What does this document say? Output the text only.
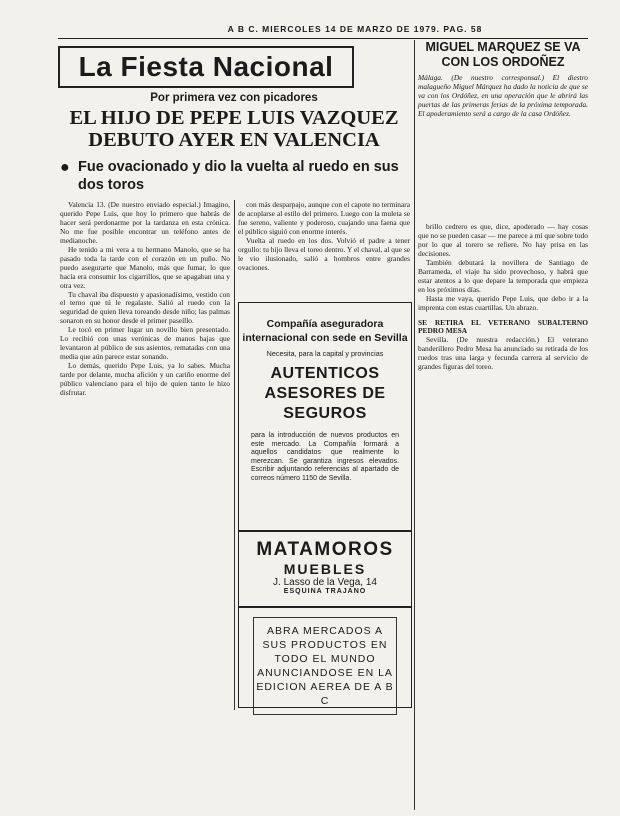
A B C. MIERCOLES 14 DE MARZO DE 1979. PAG. 58
La Fiesta Nacional
Por primera vez con picadores
EL HIJO DE PEPE LUIS VAZQUEZ DEBUTO AYER EN VALENCIA
● Fue ovacionado y dio la vuelta al ruedo en sus dos toros

Valencia 13. (De nuestro enviado especial.) Imagino, querido Pepe Luis, que hoy lo primero que habrás de hacer será perdonarme por la tardanza en esta crónica. No me fue posible encontrar un teléfono antes de medianoche.

He tenido a mi vera a tu hermano Manolo, que se ha pasado toda la tarde con el corazón en un puño. No puedo asegurarte que Manolo, más que fumar, lo que hacía era consumir los cigarrillos, que se apagaban una y otra vez.

Tu chaval iba dispuesto y apasionadísimo, vestido con el terno que tú le regalaste. Salió al ruedo con la seguridad de quien lleva toreando desde niño; las palmas sonaron en su honor desde el primer paseíllo.

Le tocó en primer lugar un novillo bien presentado. Lo recibió con unas verónicas de manos bajas que levantaron al público de sus asientos, rematadas con una media que aún parece estar sonando.

Lo demás, querido Pepe Luis, ya lo sabes. Mucha tarde por delante, mucha afición y un cariño enorme del público valenciano para el hijo de quien tanto le hizo disfrutar.

con más desparpajo, aunque con el capote no terminara de acoplarse al estilo del primero. Luego con la muleta se fue sereno, valiente y poderoso, cuajando una faena que el público siguió con enorme interés.

Vuelta al ruedo en los dos. Volvió el padre a tener orgullo: tu hijo lleva el toreo dentro. Y el chaval, al que se le vio ilusionado, salió a hombros entre grandes ovaciones.

Compañía aseguradora internacional con sede en Sevilla
Necesita, para la capital y provincias
AUTENTICOS ASESORES DE SEGUROS
para la introducción de nuevos productos en este mercado. La Compañía formará a aquellos candidatos que realmente lo merezcan. Se garantiza ingresos elevados. Escribir adjuntando referencias al apartado de correos número 1150 de Sevilla.
MATAMOROS
MUEBLES
J. Lasso de la Vega, 14
ESQUINA TRAJANO
ABRA MERCADOS A SUS PRODUCTOS EN TODO EL MUNDO ANUNCIANDOSE EN LA EDICION AEREA DE A B C
MIGUEL MARQUEZ SE VA CON LOS ORDOÑEZ
Málaga. (De nuestro corresponsal.) El diestro malagueño Miguel Márquez ha dado la noticia de que se va con los Ordóñez, en una operación que le abrirá las puertas de las primeras ferias de la próxima temporada. El apoderamiento será a cargo de la casa Ordóñez.

brillo cedrero es que, dice, apoderado — hay cosas que no se pueden casar — me parece a mí que sobre todo por lo que al torero se refiere. No hay prisa en las decisiones.

También debutará la novillera de Santiago de Barrameda, el viaje ha sido provechoso, y habrá que estar atentos a lo que depare la temporada que empieza en los próximos días.

Hasta me vaya, querido Pepe Luis, que debo ir a la imprenta con estas cuartillas. Un abrazo.

SE RETIRA EL VETERANO SUBALTERNO PEDRO MESA

Sevilla. (De nuestra redacción.) El veterano banderillero Pedro Mesa ha anunciado su retirada de los ruedos tras una larga y fecunda carrera al servicio de grandes figuras del toreo.
